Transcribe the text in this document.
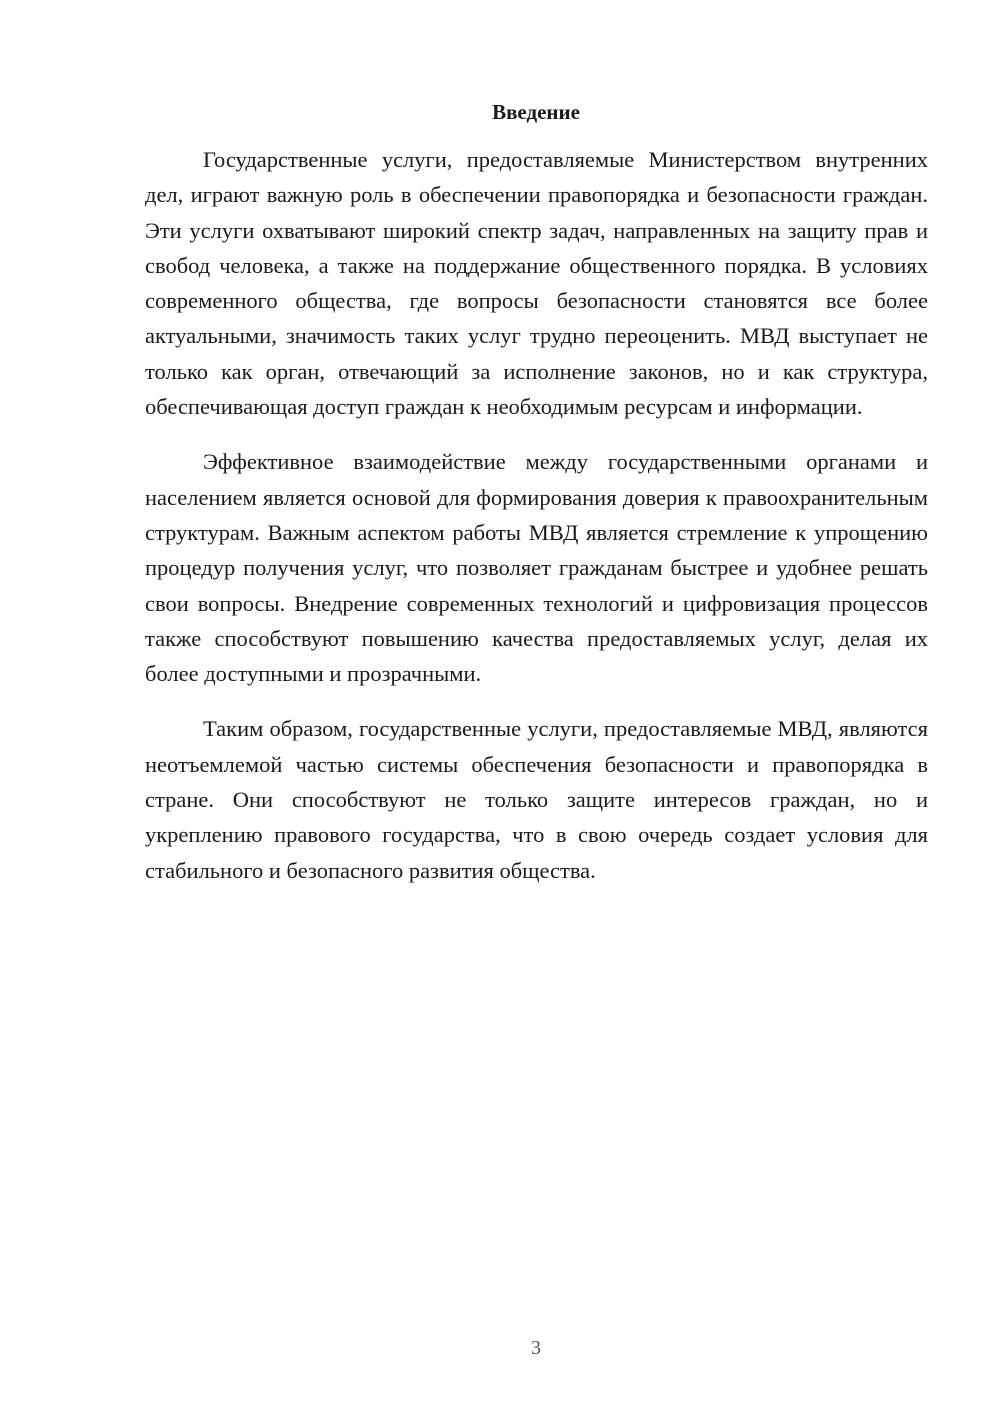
Введение

Государственные услуги, предоставляемые Министерством внутренних дел, играют важную роль в обеспечении правопорядка и безопасности граждан. Эти услуги охватывают широкий спектр задач, направленных на защиту прав и свобод человека, а также на поддержание общественного порядка. В условиях современного общества, где вопросы безопасности становятся все более актуальными, значимость таких услуг трудно переоценить. МВД выступает не только как орган, отвечающий за исполнение законов, но и как структура, обеспечивающая доступ граждан к необходимым ресурсам и информации.

Эффективное взаимодействие между государственными органами и населением является основой для формирования доверия к правоохранительным структурам. Важным аспектом работы МВД является стремление к упрощению процедур получения услуг, что позволяет гражданам быстрее и удобнее решать свои вопросы. Внедрение современных технологий и цифровизация процессов также способствуют повышению качества предоставляемых услуг, делая их более доступными и прозрачными.

Таким образом, государственные услуги, предоставляемые МВД, являются неотъемлемой частью системы обеспечения безопасности и правопорядка в стране. Они способствуют не только защите интересов граждан, но и укреплению правового государства, что в свою очередь создает условия для стабильного и безопасного развития общества.

3
